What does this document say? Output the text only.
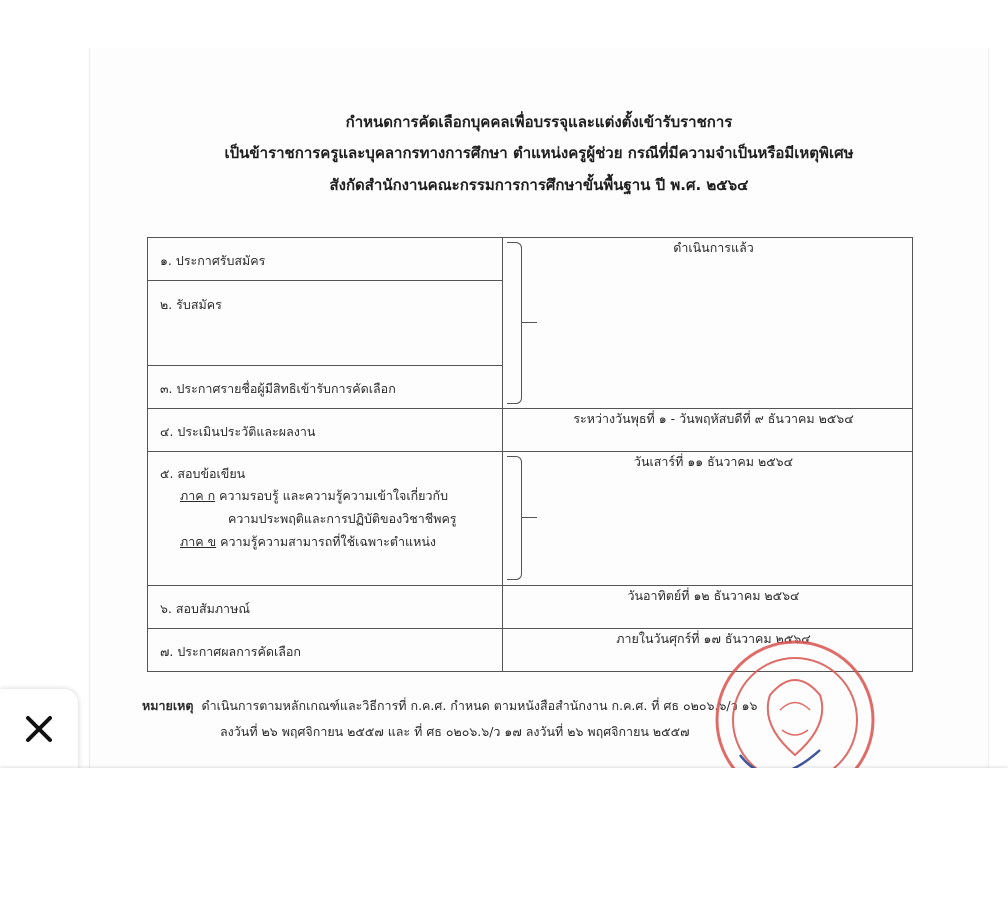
กำหนดการคัดเลือกบุคคลเพื่อบรรจุและแต่งตั้งเข้ารับราชการ
เป็นข้าราชการครูและบุคลากรทางการศึกษา ตำแหน่งครูผู้ช่วย กรณีที่มีความจำเป็นหรือมีเหตุพิเศษ
สังกัดสำนักงานคณะกรรมการการศึกษาขั้นพื้นฐาน ปี พ.ศ. ๒๕๖๔
๑. ประกาศรับสมัคร	ดำเนินการแล้ว

๒. รับสมัคร	

๓. ประกาศรายชื่อผู้มีสิทธิเข้ารับการคัดเลือก	

๔. ประเมินประวัติและผลงาน	ระหว่างวันพุธที่ ๑ - วันพฤหัสบดีที่ ๙ ธันวาคม ๒๕๖๔

๕. สอบข้อเขียน
ภาค ก ความรอบรู้ และความรู้ความเข้าใจเกี่ยวกับ
ความประพฤติและการปฏิบัติของวิชาชีพครู
ภาค ข ความรู้ความสามารถที่ใช้เฉพาะตำแหน่ง	วันเสาร์ที่ ๑๑ ธันวาคม ๒๕๖๔

๖. สอบสัมภาษณ์	วันอาทิตย์ที่ ๑๒ ธันวาคม ๒๕๖๔

๗. ประกาศผลการคัดเลือก	ภายในวันศุกร์ที่ ๑๗ ธันวาคม ๒๕๖๔
หมายเหตุ ดำเนินการตามหลักเกณฑ์และวิธีการที่ ก.ค.ศ. กำหนด ตามหนังสือสำนักงาน ก.ค.ศ. ที่ ศธ ๐๒๐๖.๖/ว ๑๖
ลงวันที่ ๒๖ พฤศจิกายน ๒๕๕๗ และ ที่ ศธ ๐๒๐๖.๖/ว ๑๗ ลงวันที่ ๒๖ พฤศจิกายน ๒๕๕๗
